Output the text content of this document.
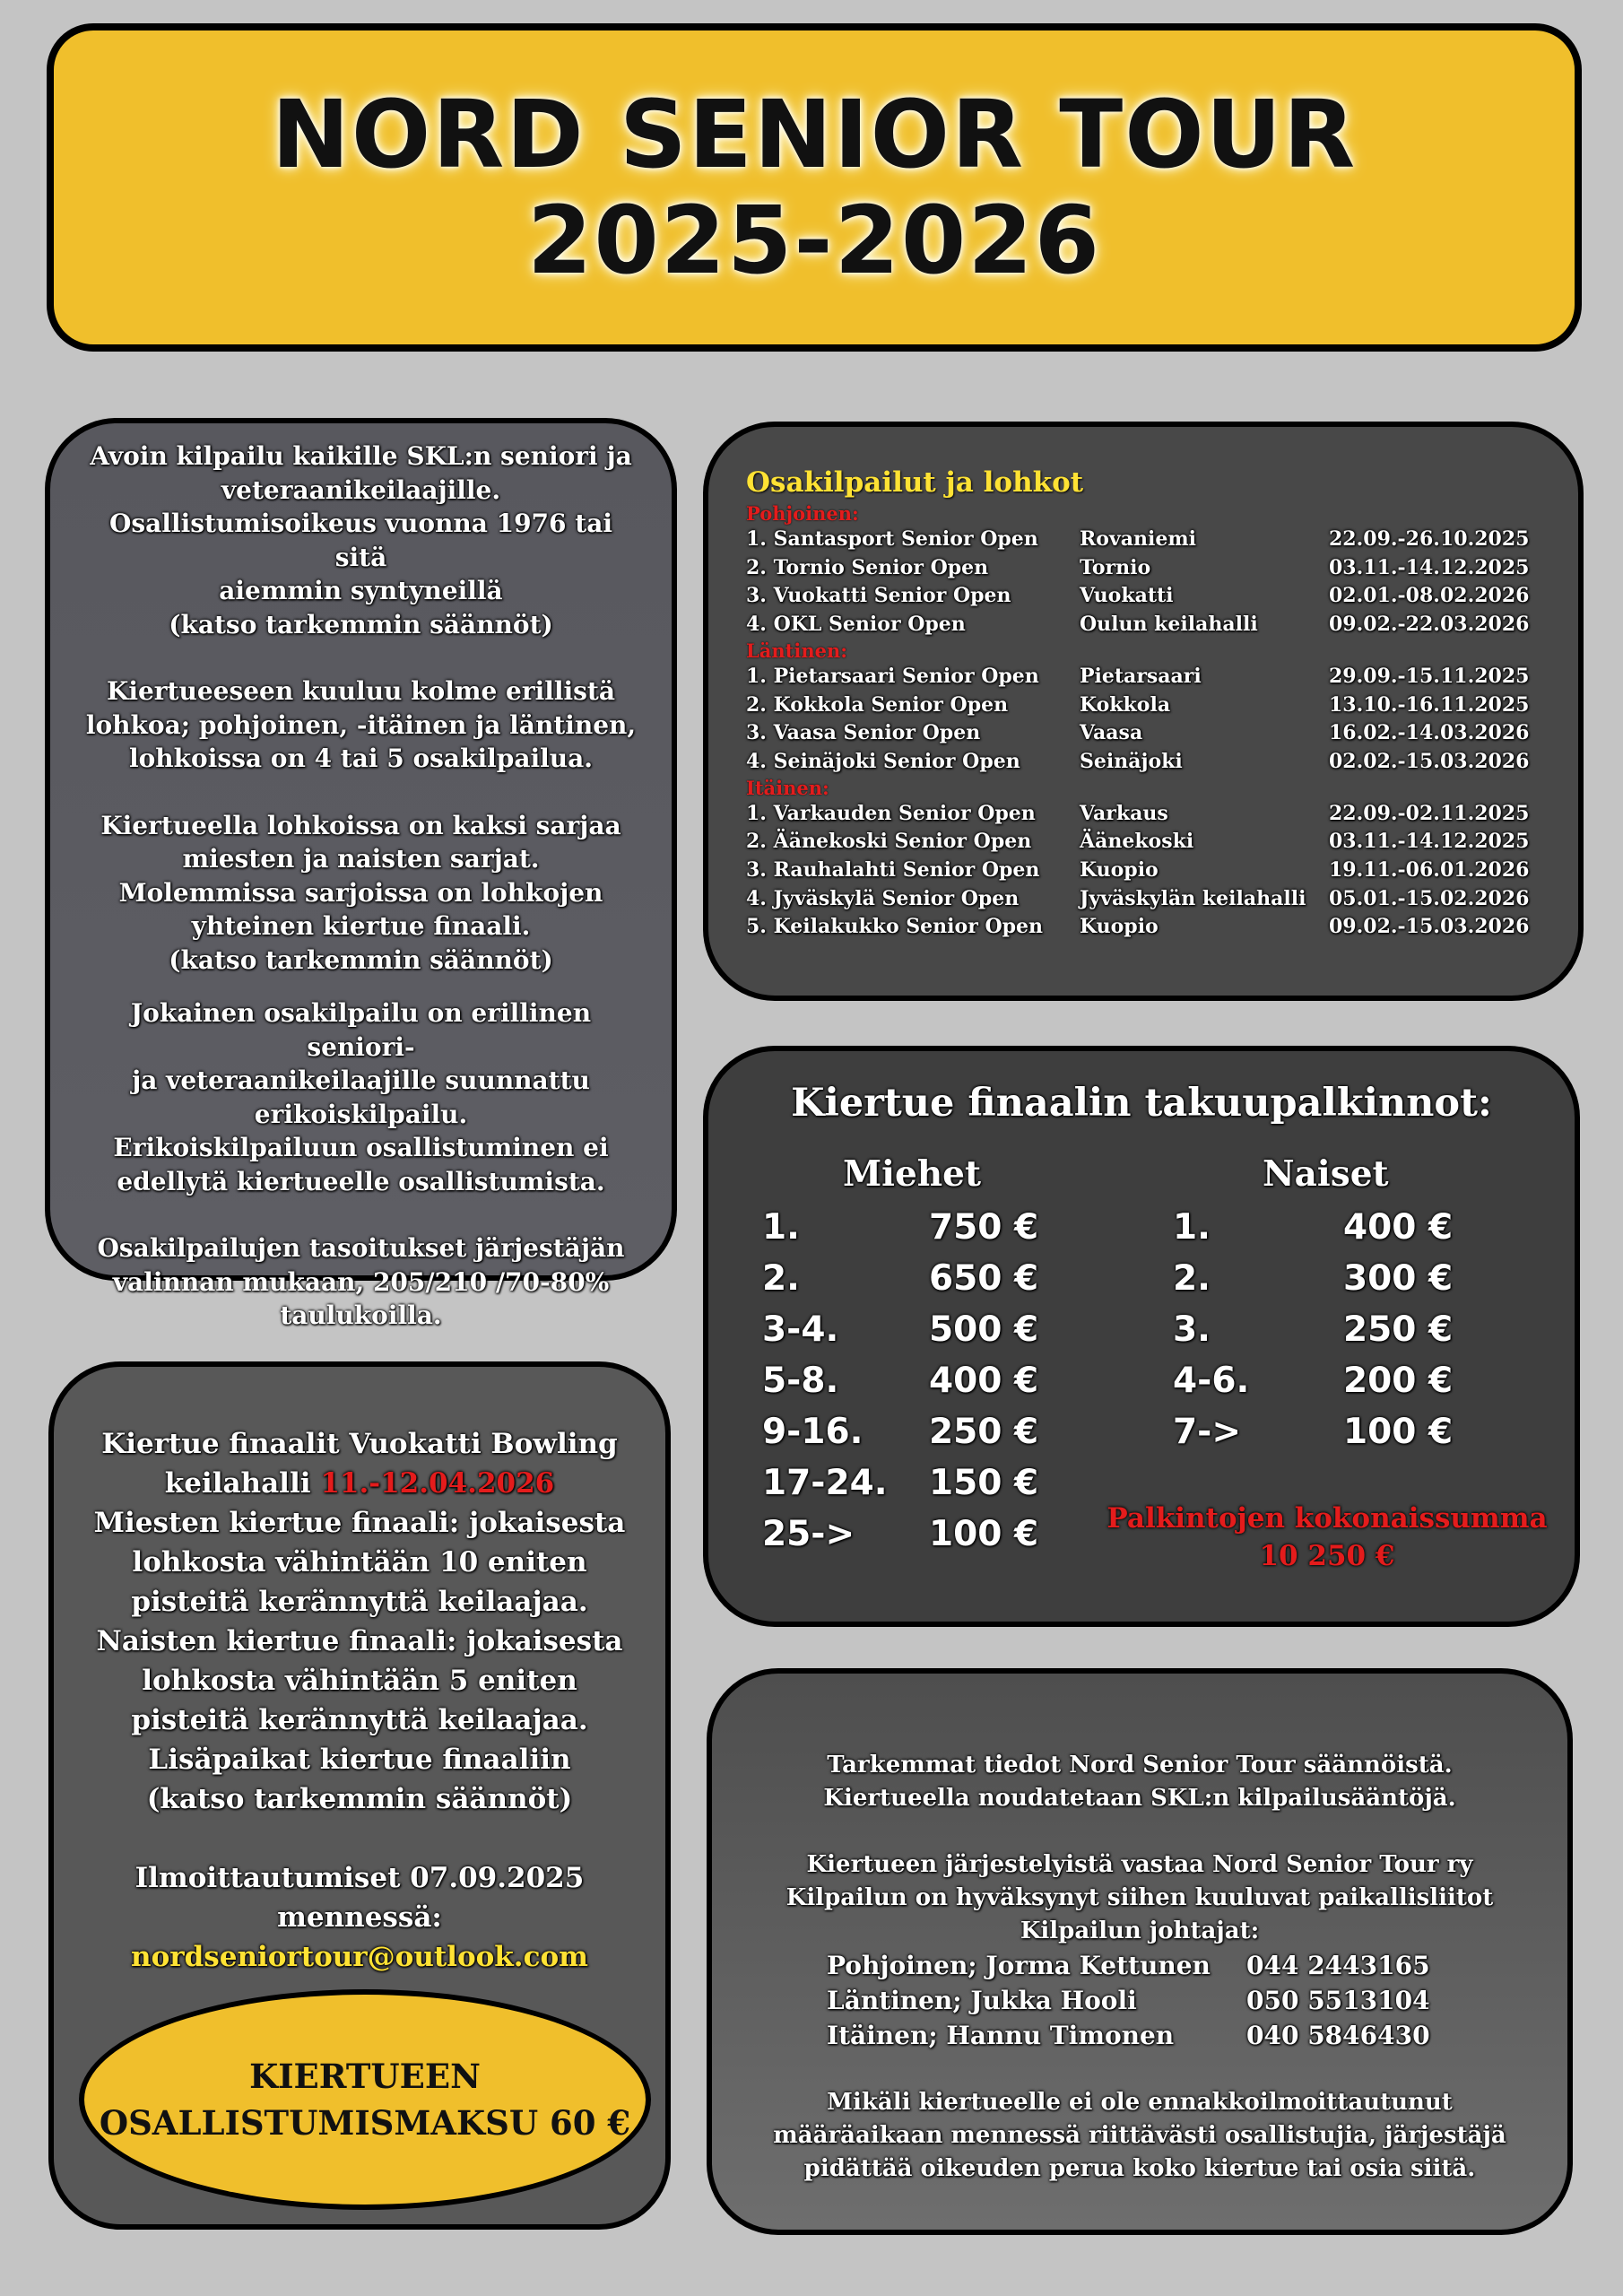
NORD SENIOR TOUR
2025-2026

Avoin kilpailu kaikille SKL:n seniori ja

veteraanikeilaajille.

Osallistumisoikeus vuonna 1976 tai sitä

aiemmin syntyneillä

(katso tarkemmin säännöt)

Kiertueeseen kuuluu kolme erillistä

lohkoa; pohjoinen, -itäinen ja läntinen,

lohkoissa on 4 tai 5 osakilpailua.

Kiertueella lohkoissa on kaksi sarjaa

miesten ja naisten sarjat.

Molemmissa sarjoissa on lohkojen

yhteinen kiertue finaali.

(katso tarkemmin säännöt)

Jokainen osakilpailu on erillinen seniori-

ja veteraanikeilaajille suunnattu

erikoiskilpailu.

Erikoiskilpailuun osallistuminen ei

edellytä kiertueelle osallistumista.

Osakilpailujen tasoitukset järjestäjän

valinnan mukaan, 205/210 /70-80%

taulukoilla.

Osakilpailut ja lohkot
Pohjoinen:
1. Santasport Senior Open	Rovaniemi	22.09.-26.10.2025
2. Tornio Senior Open	Tornio	03.11.-14.12.2025
3. Vuokatti Senior Open	Vuokatti	02.01.-08.02.2026
4. OKL Senior Open	Oulun keilahalli	09.02.-22.03.2026
Läntinen:
1. Pietarsaari Senior Open	Pietarsaari	29.09.-15.11.2025
2. Kokkola Senior Open	Kokkola	13.10.-16.11.2025
3. Vaasa Senior Open	Vaasa	16.02.-14.03.2026
4. Seinäjoki Senior Open	Seinäjoki	02.02.-15.03.2026
Itäinen:
1. Varkauden Senior Open	Varkaus	22.09.-02.11.2025
2. Äänekoski Senior Open	Äänekoski	03.11.-14.12.2025
3. Rauhalahti Senior Open	Kuopio	19.11.-06.01.2026
4. Jyväskylä Senior Open	Jyväskylän keilahalli	05.01.-15.02.2026
5. Keilakukko Senior Open	Kuopio	09.02.-15.03.2026
Kiertue finaalin takuupalkinnot:
Miehet
1.	750 €
2.	650 €
3-4.	500 €
5-8.	400 €
9-16. 250 €
17-24. 150 €
25-> 100 €
Naiset
1.	400 €
2.	300 €
3.	250 €
4-6.	200 €
7->	100 €
Palkintojen kokonaissumma
10 250 €

Kiertue finaalit Vuokatti Bowling

keilahalli 11.-12.04.2026

Miesten kiertue finaali: jokaisesta

lohkosta vähintään 10 eniten

pisteitä kerännyttä keilaajaa.

Naisten kiertue finaali: jokaisesta

lohkosta vähintään 5 eniten

pisteitä kerännyttä keilaajaa.

Lisäpaikat kiertue finaaliin

(katso tarkemmin säännöt)

Ilmoittautumiset 07.09.2025

mennessä:

nordseniortour@outlook.com

KIERTUEEN
OSALLISTUMISMAKSU 60 €

Tarkemmat tiedot Nord Senior Tour säännöistä.

Kiertueella noudatetaan SKL:n kilpailusääntöjä.

Kiertueen järjestelyistä vastaa Nord Senior Tour ry

Kilpailun on hyväksynyt siihen kuuluvat paikallisliitot

Kilpailun johtajat:

Pohjoinen; Jorma Kettunen	044 2443165
Läntinen; Jukka Hooli	050 5513104
Itäinen; Hannu Timonen	040 5846430

Mikäli kiertueelle ei ole ennakkoilmoittautunut

määräaikaan mennessä riittävästi osallistujia, järjestäjä

pidättää oikeuden perua koko kiertue tai osia siitä.
